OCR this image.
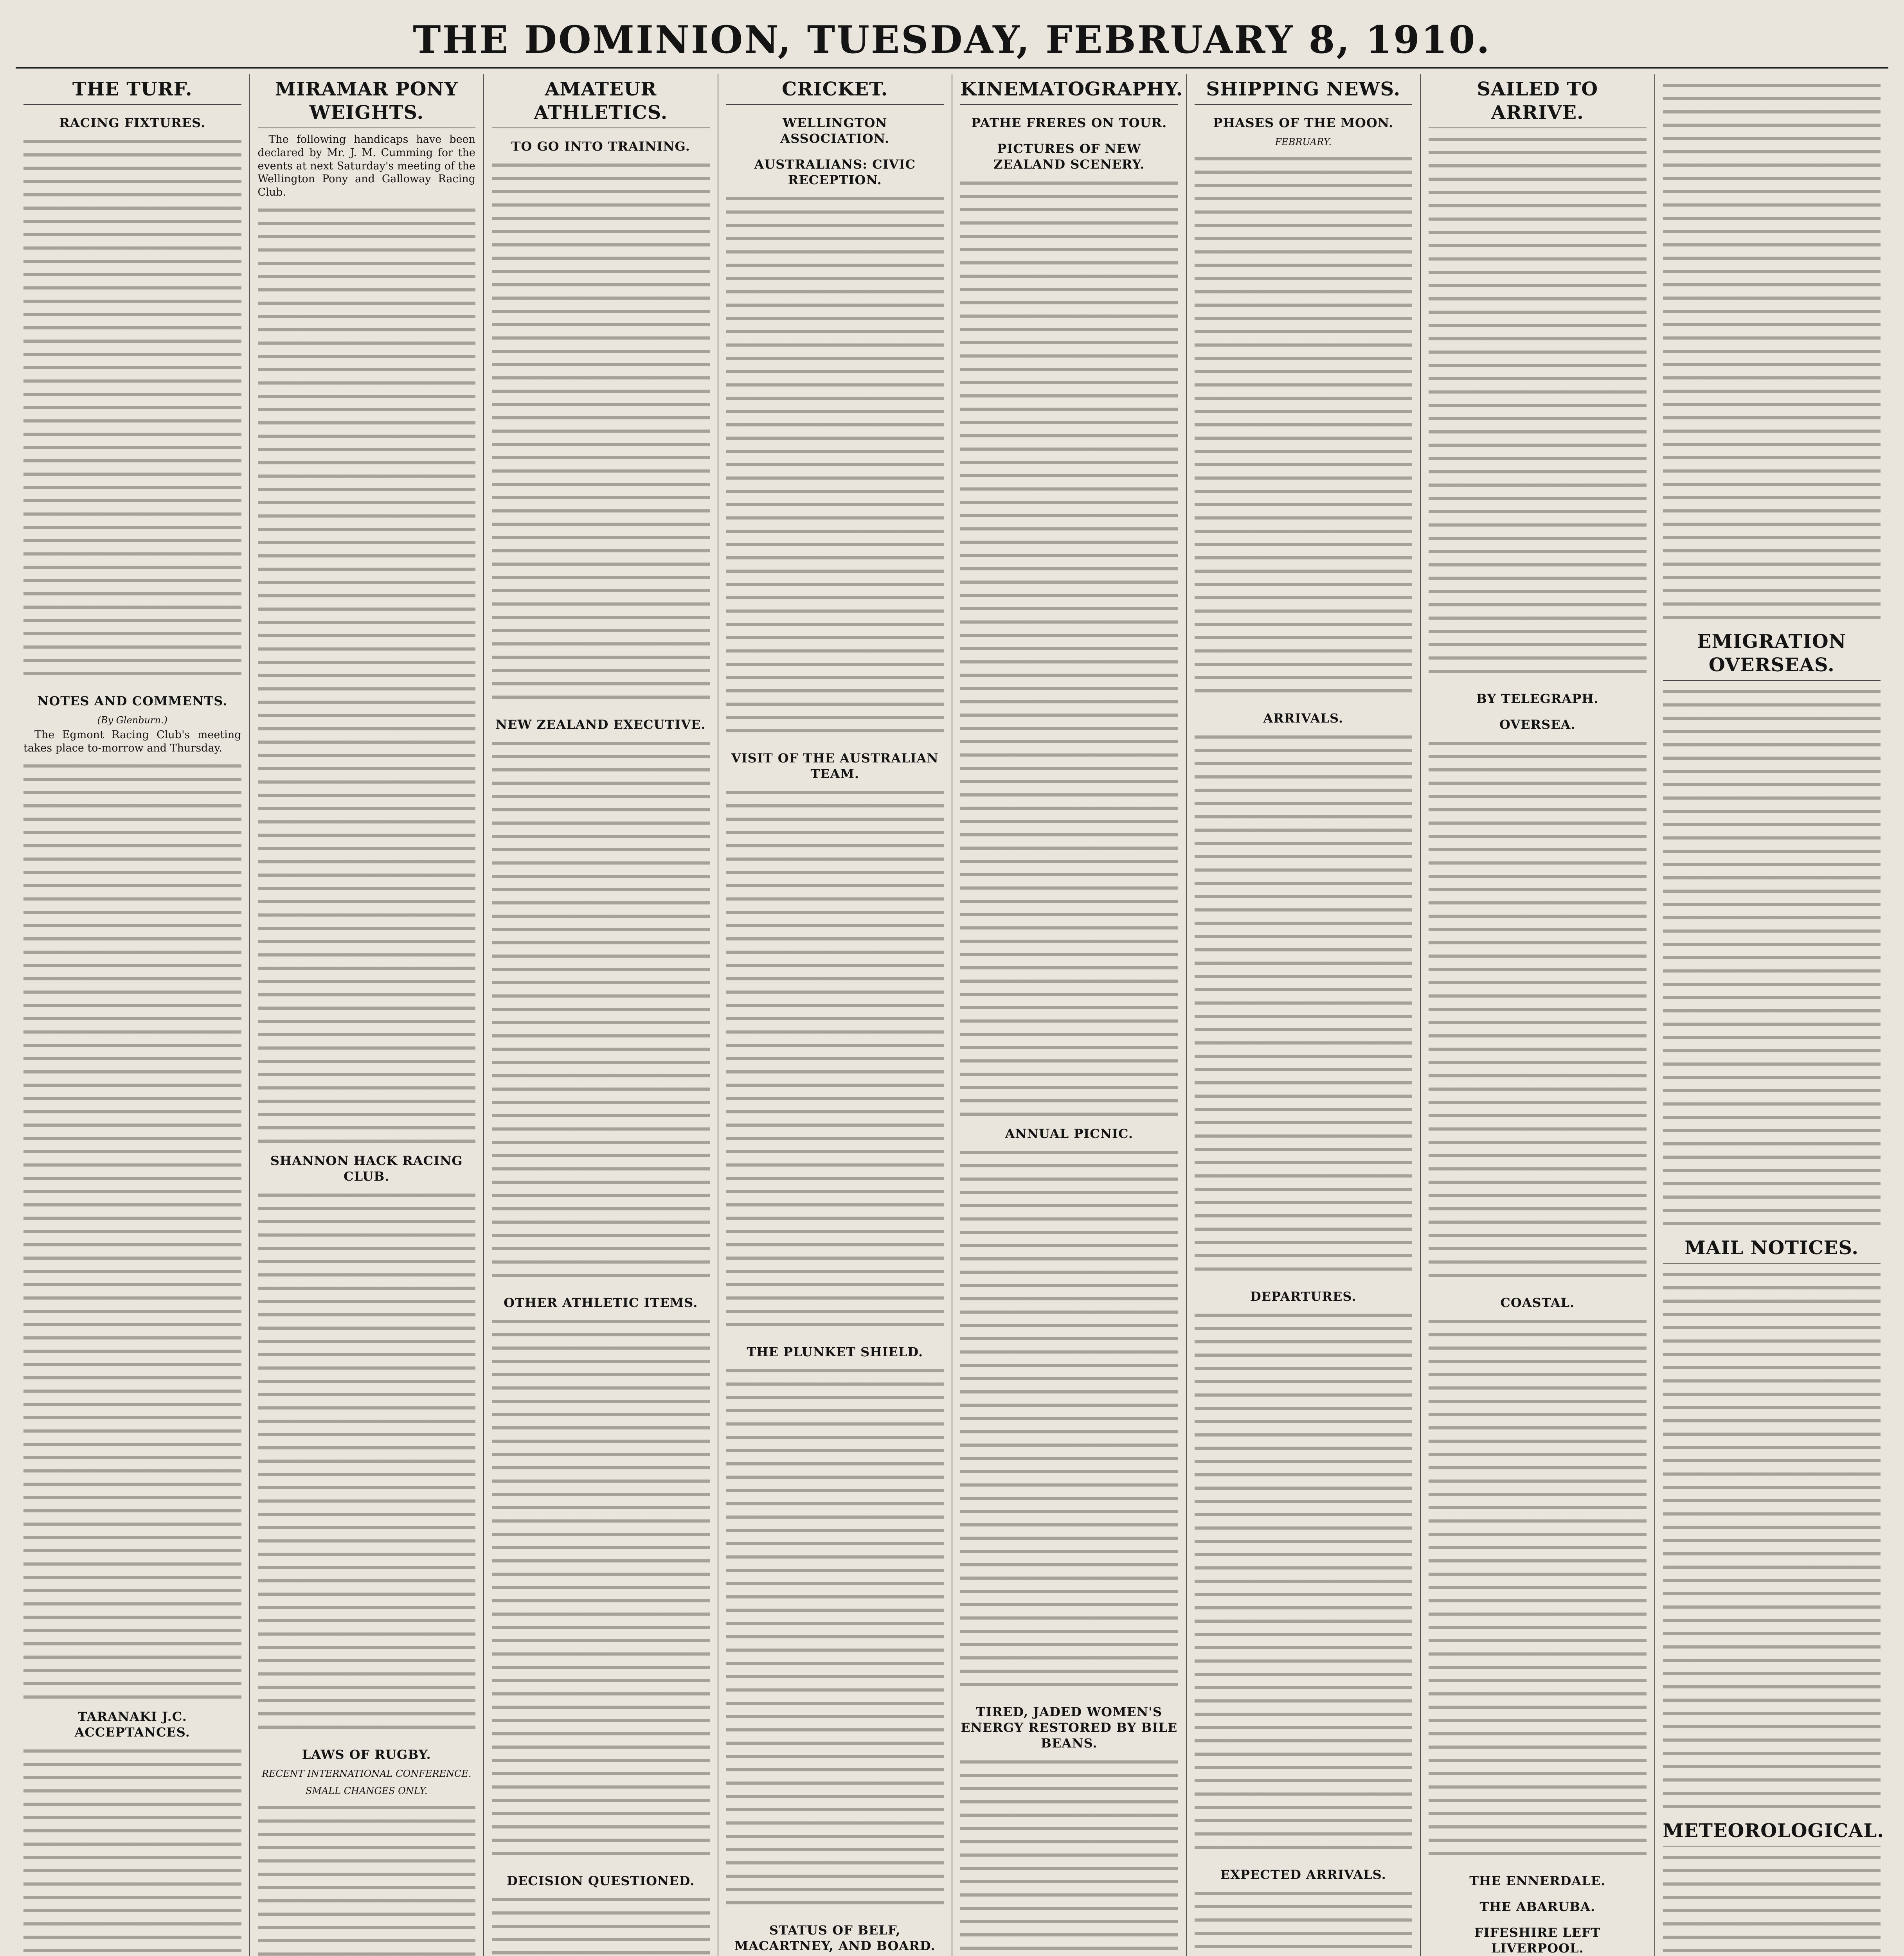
THE DOMINION, TUESDAY, FEBRUARY 8, 1910.
THE TURF.
RACING FIXTURES.
NOTES AND COMMENTS.
(By Glenburn.)

The Egmont Racing Club's meeting takes place to-morrow and Thursday.

TARANAKI J.C. ACCEPTANCES.
MIRAMAR PONY WEIGHTS.

The following handicaps have been declared by Mr. J. M. Cumming for the events at next Saturday's meeting of the Wellington Pony and Galloway Racing Club.

SHANNON HACK RACING CLUB.
LAWS OF RUGBY.
RECENT INTERNATIONAL CONFERENCE.
SMALL CHANGES ONLY.
AMATEUR ATHLETICS.
TO GO INTO TRAINING.
NEW ZEALAND EXECUTIVE.
OTHER ATHLETIC ITEMS.
DECISION QUESTIONED.
CRICKET.
WELLINGTON ASSOCIATION.
AUSTRALIANS: CIVIC RECEPTION.
VISIT OF THE AUSTRALIAN TEAM.
THE PLUNKET SHIELD.
STATUS OF BELF, MACARTNEY, AND BOARD.
KINEMATOGRAPHY.
PATHE FRERES ON TOUR.
PICTURES OF NEW ZEALAND SCENERY.
ANNUAL PICNIC.
TIRED, JADED WOMEN'S ENERGY RESTORED BY BILE BEANS.
SHIPPING NEWS.
PHASES OF THE MOON.
FEBRUARY.
ARRIVALS.
DEPARTURES.
EXPECTED ARRIVALS.
SAILED TO ARRIVE.
BY TELEGRAPH.
OVERSEA.
COASTAL.
THE ENNERDALE.
THE ABARUBA.
FIFESHIRE LEFT LIVERPOOL.
EMIGRATION OVERSEAS.
MAIL NOTICES.
METEOROLOGICAL.
